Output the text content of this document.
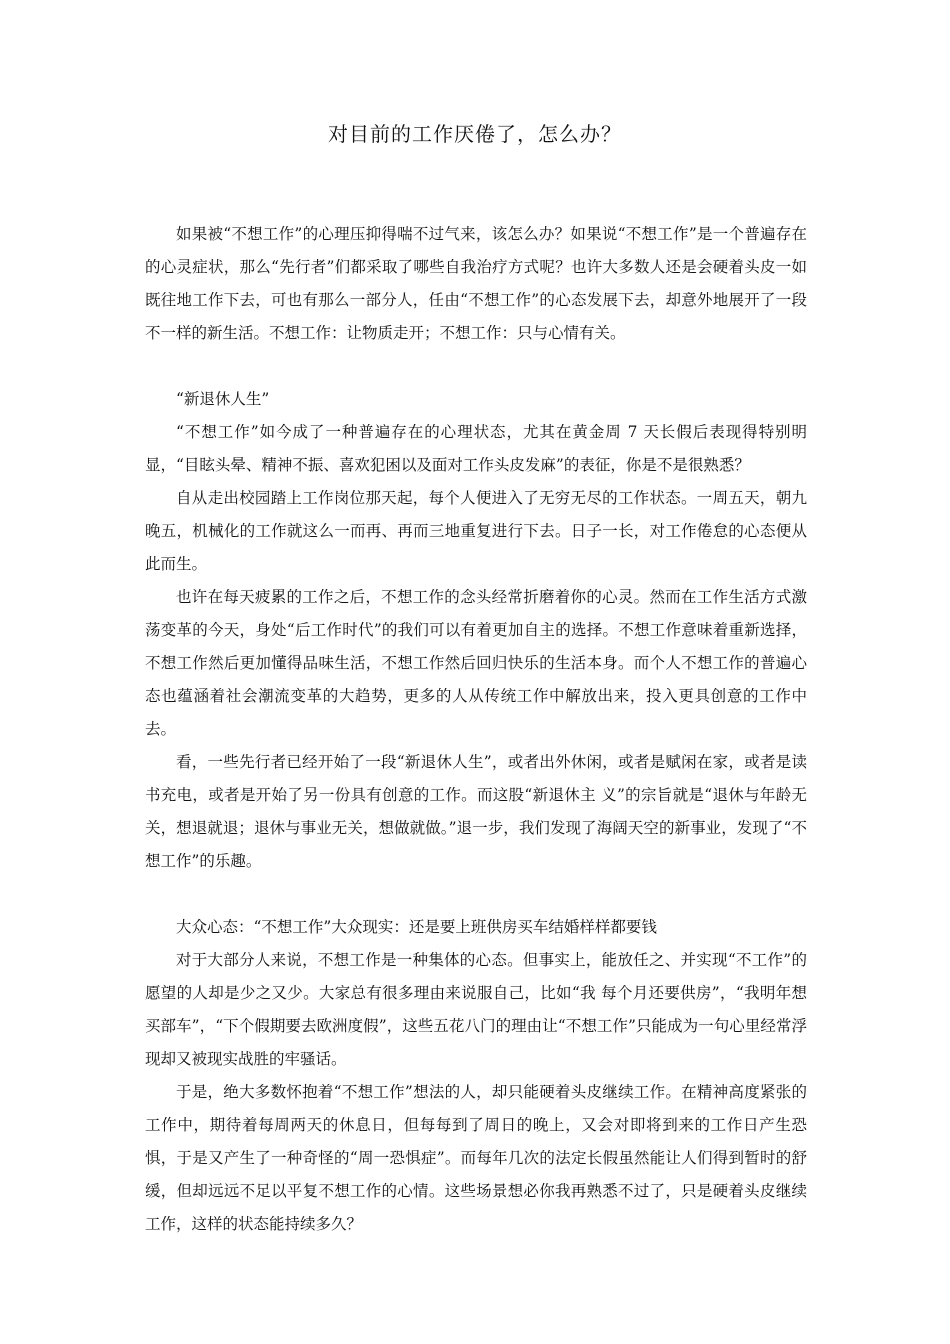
对目前的工作厌倦了，怎么办？

如果被“不想工作”的心理压抑得喘不过气来，该怎么办？如果说“不想工作”是一个普遍存在的心灵症状，那么“先行者”们都采取了哪些自我治疗方式呢？也许大多数人还是会硬着头皮一如既往地工作下去，可也有那么一部分人，任由“不想工作”的心态发展下去，却意外地展开了一段不一样的新生活。不想工作：让物质走开；不想工作：只与心情有关。

“新退休人生”

“不想工作”如今成了一种普遍存在的心理状态，尤其在黄金周 7 天长假后表现得特别明显，“目眩头晕、精神不振、喜欢犯困以及面对工作头皮发麻”的表征，你是不是很熟悉？

自从走出校园踏上工作岗位那天起，每个人便进入了无穷无尽的工作状态。一周五天，朝九晚五，机械化的工作就这么一而再、再而三地重复进行下去。日子一长，对工作倦怠的心态便从此而生。

也许在每天疲累的工作之后，不想工作的念头经常折磨着你的心灵。然而在工作生活方式激荡变革的今天，身处“后工作时代”的我们可以有着更加自主的选择。不想工作意味着重新选择，不想工作然后更加懂得品味生活，不想工作然后回归快乐的生活本身。而个人不想工作的普遍心态也蕴涵着社会潮流变革的大趋势，更多的人从传统工作中解放出来，投入更具创意的工作中去。

看，一些先行者已经开始了一段“新退休人生”，或者出外休闲，或者是赋闲在家，或者是读书充电，或者是开始了另一份具有创意的工作。而这股“新退休主 义”的宗旨就是“退休与年龄无关，想退就退；退休与事业无关，想做就做。”退一步，我们发现了海阔天空的新事业，发现了“不想工作”的乐趣。

大众心态：“不想工作”大众现实：还是要上班供房买车结婚样样都要钱

对于大部分人来说，不想工作是一种集体的心态。但事实上，能放任之、并实现“不工作”的愿望的人却是少之又少。大家总有很多理由来说服自己，比如“我 每个月还要供房”，“我明年想买部车”，“下个假期要去欧洲度假”，这些五花八门的理由让“不想工作”只能成为一句心里经常浮现却又被现实战胜的牢骚话。

于是，绝大多数怀抱着“不想工作”想法的人，却只能硬着头皮继续工作。在精神高度紧张的工作中，期待着每周两天的休息日，但每每到了周日的晚上，又会对即将到来的工作日产生恐惧，于是又产生了一种奇怪的“周一恐惧症”。而每年几次的法定长假虽然能让人们得到暂时的舒缓，但却远远不足以平复不想工作的心情。这些场景想必你我再熟悉不过了，只是硬着头皮继续工作，这样的状态能持续多久？
